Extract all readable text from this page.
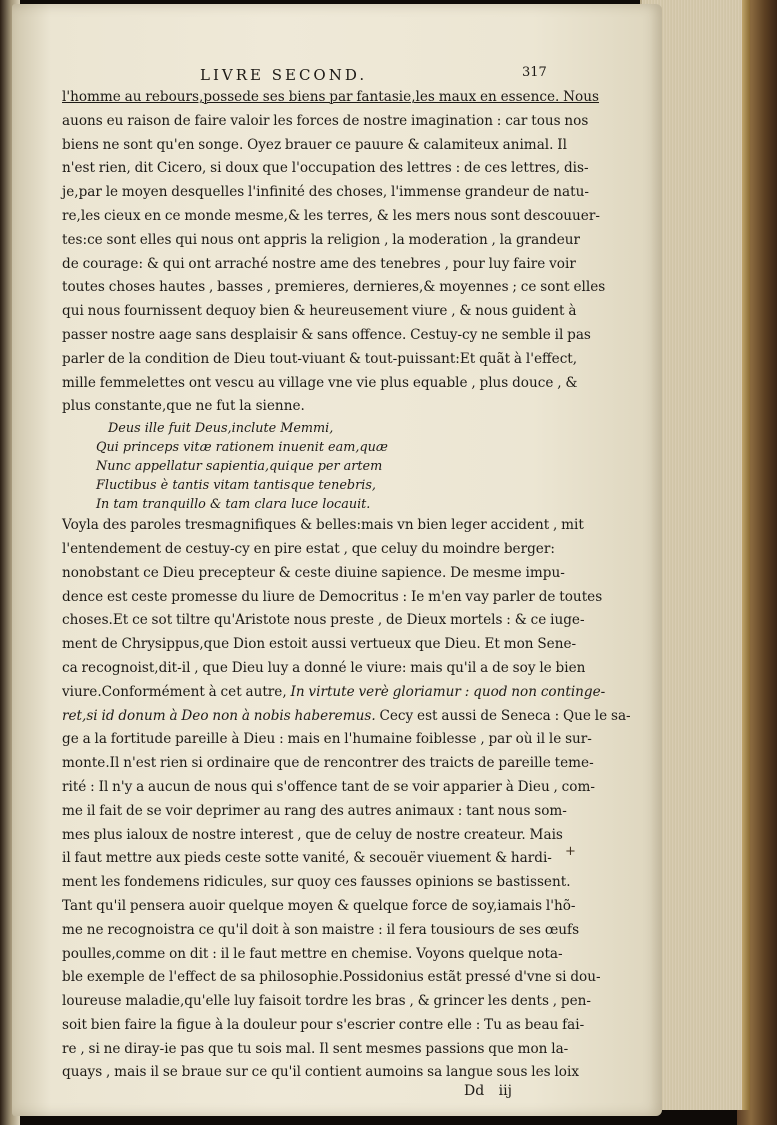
LIVRE SECOND.	317
l'homme au rebours,possede ses biens par fantasie,les maux en essence. Nous
auons eu raison de faire valoir les forces de nostre imagination : car tous nos
biens ne sont qu'en songe. Oyez brauer ce pauure & calamiteux animal. Il
n'est rien, dit Cicero, si doux que l'occupation des lettres : de ces lettres, dis-
je,par le moyen desquelles l'infinité des choses, l'immense grandeur de natu-
re,les cieux en ce monde mesme,& les terres, & les mers nous sont descouuer-
tes:ce sont elles qui nous ont appris la religion , la moderation , la grandeur
de courage: & qui ont arraché nostre ame des tenebres , pour luy faire voir
toutes choses hautes , basses , premieres, dernieres,& moyennes ; ce sont elles
qui nous fournissent dequoy bien & heureusement viure , & nous guident à
passer nostre aage sans desplaisir & sans offence. Cestuy-cy ne semble il pas
parler de la condition de Dieu tout-viuant & tout-puissant:Et quãt à l'effect,
mille femmelettes ont vescu au village vne vie plus equable , plus douce , &
plus constante,que ne fut la sienne.
Deus ille fuit Deus,inclute Memmi,
Qui princeps vitæ rationem inuenit eam,quæ
Nunc appellatur sapientia,quique per artem
Fluctibus è tantis vitam tantisque tenebris,
In tam tranquillo & tam clara luce locauit.
Voyla des paroles tresmagnifiques & belles:mais vn bien leger accident , mit
l'entendement de cestuy-cy en pire estat , que celuy du moindre berger:
nonobstant ce Dieu precepteur & ceste diuine sapience. De mesme impu-
dence est ceste promesse du liure de Democritus : Ie m'en vay parler de toutes
choses.Et ce sot tiltre qu'Aristote nous preste , de Dieux mortels : & ce iuge-
ment de Chrysippus,que Dion estoit aussi vertueux que Dieu. Et mon Sene-
ca recognoist,dit-il , que Dieu luy a donné le viure: mais qu'il a de soy le bien
viure.Conformément à cet autre, In virtute verè gloriamur : quod non continge-
ret,si id donum à Deo non à nobis haberemus. Cecy est aussi de Seneca : Que le sa-
ge a la fortitude pareille à Dieu : mais en l'humaine foiblesse , par où il le sur-
monte.Il n'est rien si ordinaire que de rencontrer des traicts de pareille teme-
rité : Il n'y a aucun de nous qui s'offence tant de se voir apparier à Dieu , com-
me il fait de se voir deprimer au rang des autres animaux : tant nous som-
mes plus ialoux de nostre interest , que de celuy de nostre createur. Mais
il faut mettre aux pieds ceste sotte vanité, & secouër viuement & hardi-
ment les fondemens ridicules, sur quoy ces fausses opinions se bastissent.
Tant qu'il pensera auoir quelque moyen & quelque force de soy,iamais l'hõ-
me ne recognoistra ce qu'il doit à son maistre : il fera tousiours de ses œufs
poulles,comme on dit : il le faut mettre en chemise. Voyons quelque nota-
ble exemple de l'effect de sa philosophie.Possidonius estãt pressé d'vne si dou-
loureuse maladie,qu'elle luy faisoit tordre les bras , & grincer les dents , pen-
soit bien faire la figue à la douleur pour s'escrier contre elle : Tu as beau fai-
re , si ne diray-ie pas que tu sois mal. Il sent mesmes passions que mon la-
quays , mais il se braue sur ce qu'il contient aumoins sa langue sous les loix
Dd iij
+
